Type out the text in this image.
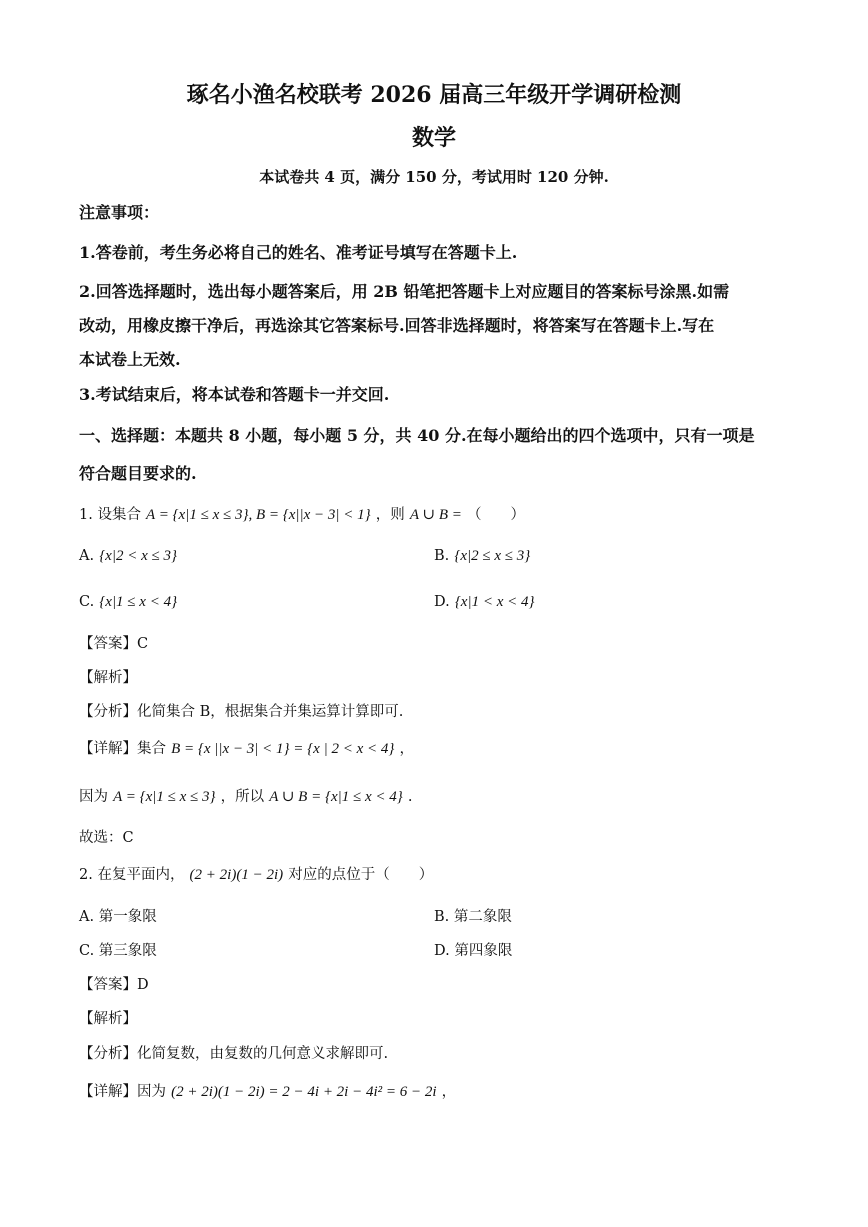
琢名小渔名校联考 2026 届高三年级开学调研检测
数学
本试卷共 4 页，满分 150 分，考试用时 120 分钟.
注意事项：
1.答卷前，考生务必将自己的姓名、准考证号填写在答题卡上.
2.回答选择题时，选出每小题答案后，用 2B 铅笔把答题卡上对应题目的答案标号涂黑.如需
改动，用橡皮擦干净后，再选涂其它答案标号.回答非选择题时，将答案写在答题卡上.写在
本试卷上无效.
3.考试结束后，将本试卷和答题卡一并交回.
一、选择题：本题共 8 小题，每小题 5 分，共 40 分.在每小题给出的四个选项中，只有一项是
符合题目要求的.
1. 设集合 A = {x|1 ≤ x ≤ 3}, B = {x||x − 3| < 1} ，则 A ∪ B = （　　）
A. {x|2 < x ≤ 3}	B. {x|2 ≤ x ≤ 3}
C. {x|1 ≤ x < 4}	D. {x|1 < x < 4}
【答案】C
【解析】
【分析】化简集合 B，根据集合并集运算计算即可.
【详解】集合 B = {x ||x − 3| < 1} = {x | 2 < x < 4} ，
因为 A = {x|1 ≤ x ≤ 3} ，所以 A ∪ B = {x|1 ≤ x < 4} .
故选：C
2. 在复平面内， (2 + 2i)(1 − 2i) 对应的点位于（　　）
A. 第一象限	B. 第二象限
C. 第三象限	D. 第四象限
【答案】D
【解析】
【分析】化简复数，由复数的几何意义求解即可.
【详解】因为 (2 + 2i)(1 − 2i) = 2 − 4i + 2i − 4i² = 6 − 2i ，
